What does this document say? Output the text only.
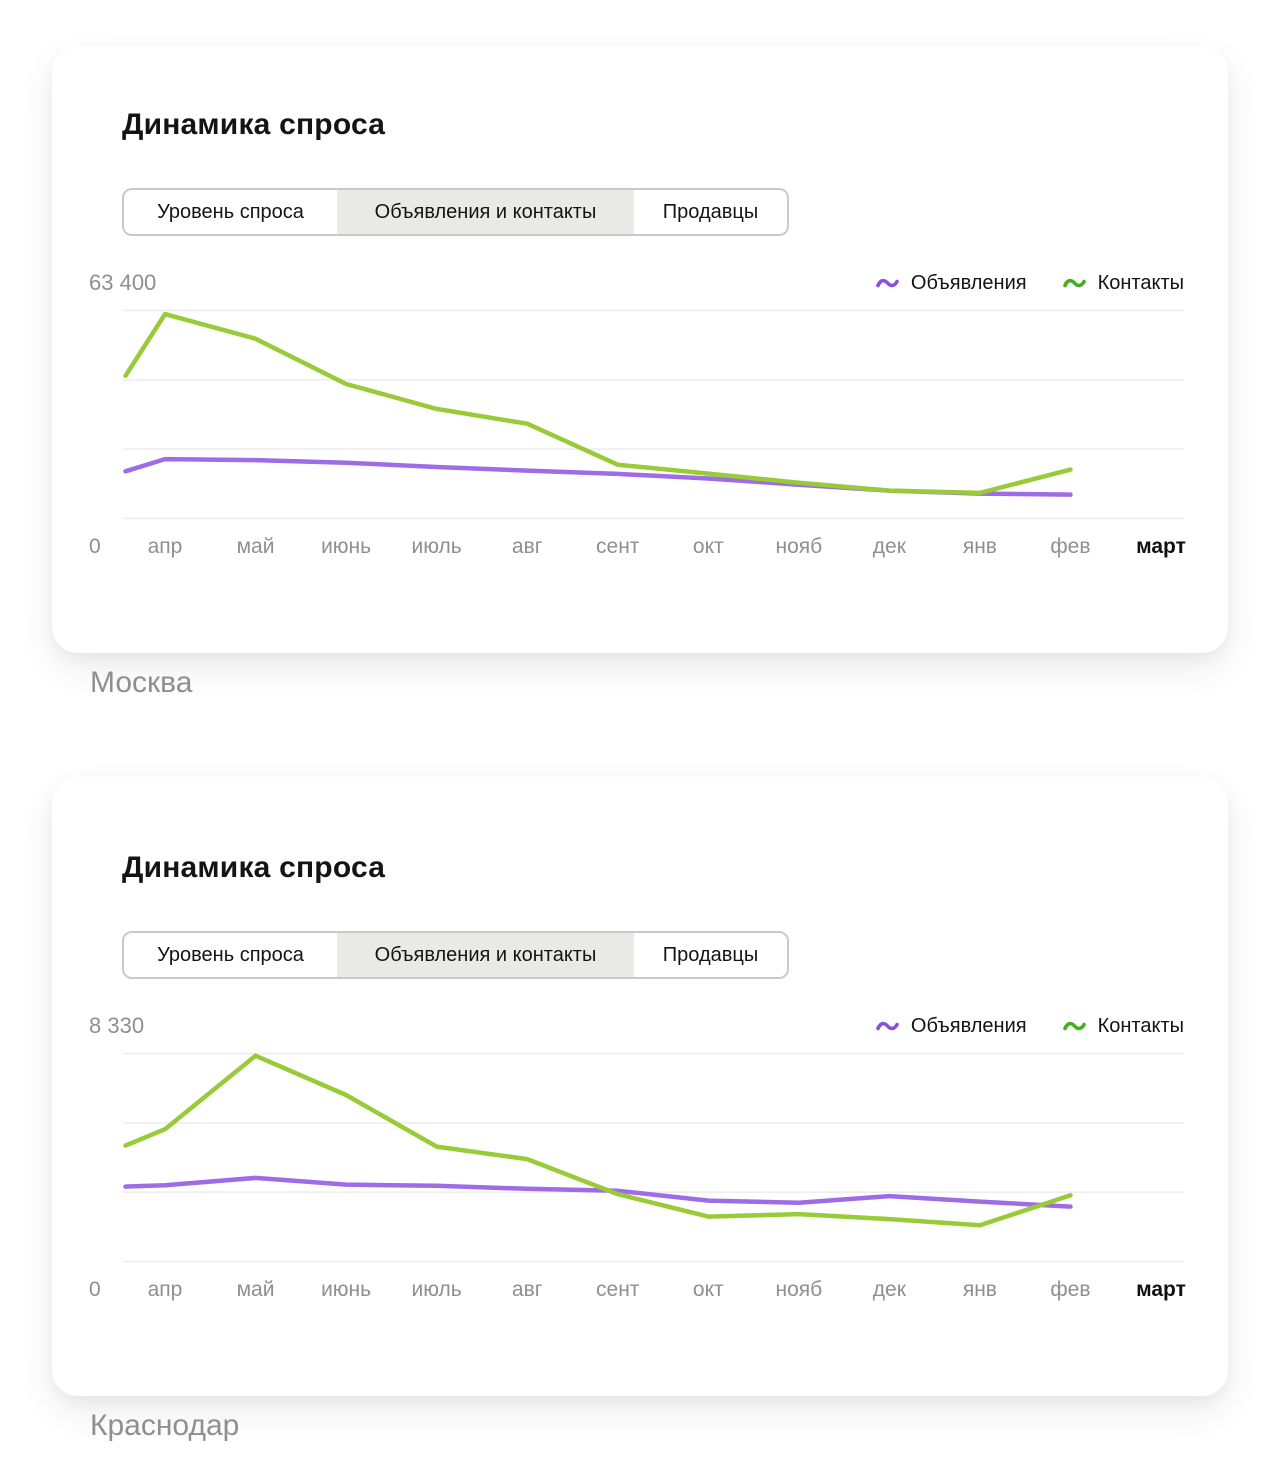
Динамика спроса
Уровень спроса	Объявления и контакты	Продавцы
63 400	Объявления	Контакты
0 апр	май июнь июль авг	сент	окт нояб дек	янв	фев март
Москва
Динамика спроса
Уровень спроса	Объявления и контакты	Продавцы
8 330	Объявления	Контакты
0 апр	май июнь июль авг	сент	окт нояб дек	янв	фев март
Краснодар
